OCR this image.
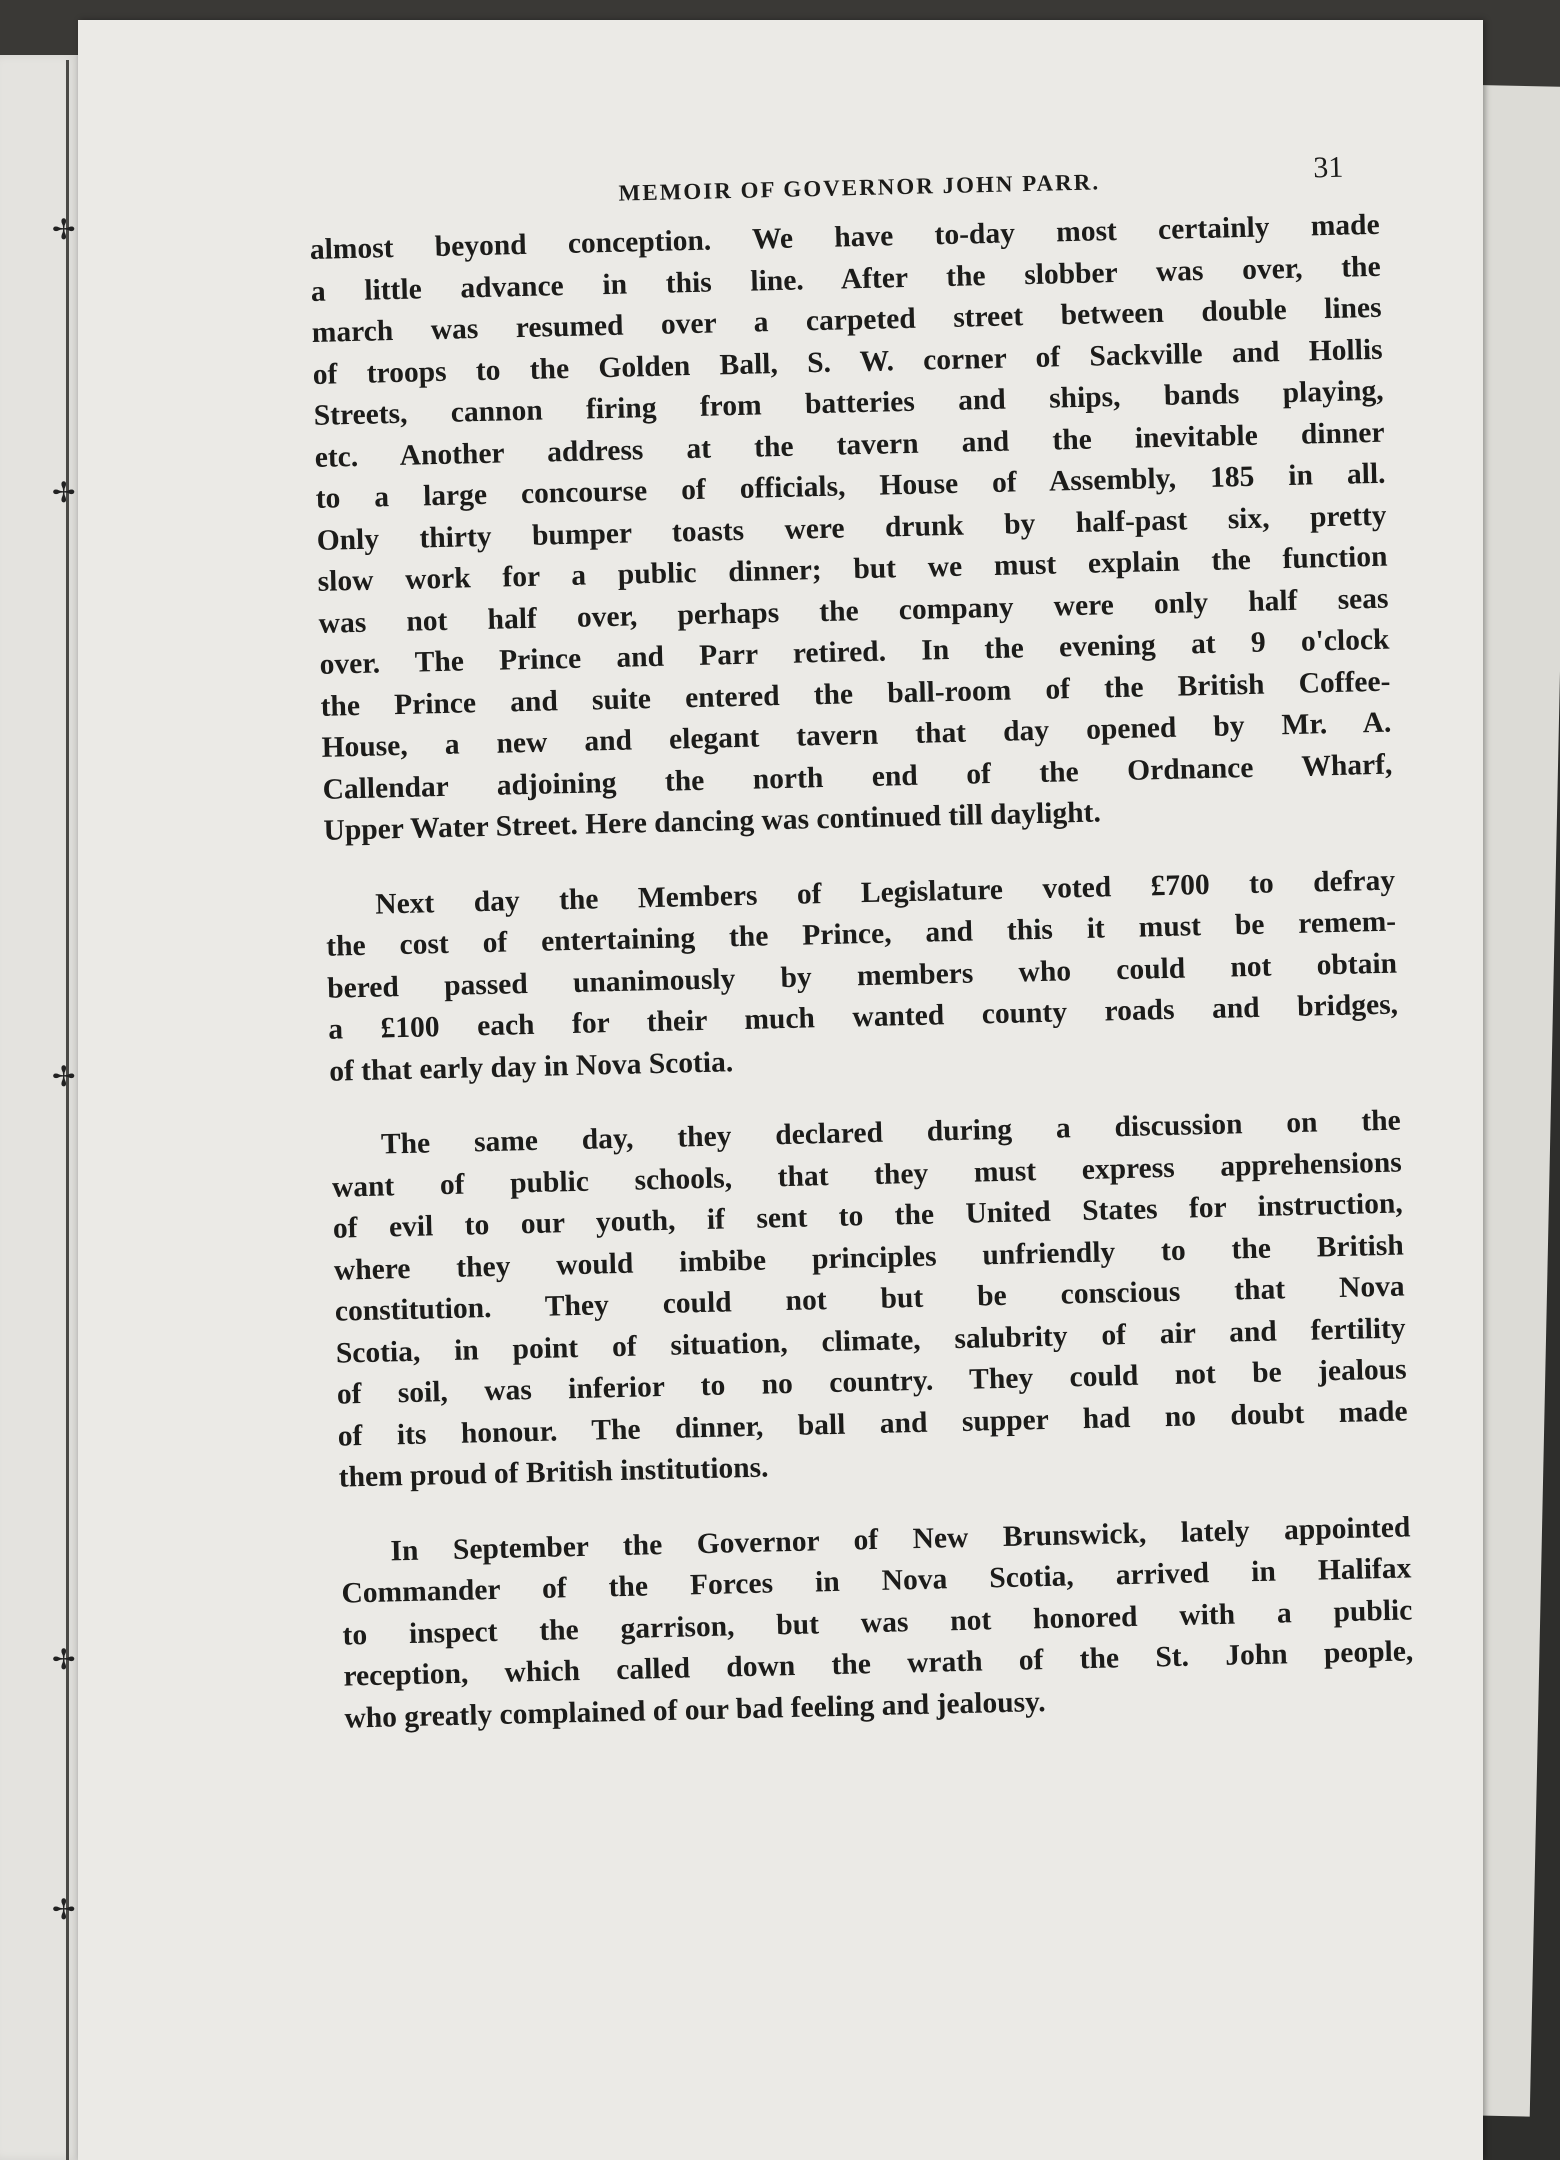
✢
✢
✢
✢
✢
MEMOIR OF GOVERNOR JOHN PARR.
31

almost beyond conception. We have to-day most certainly made
a little advance in this line. After the slobber was over, the
march was resumed over a carpeted street between double lines
of troops to the Golden Ball, S. W. corner of Sackville and Hollis
Streets, cannon firing from batteries and ships, bands playing,
etc. Another address at the tavern and the inevitable dinner
to a large concourse of officials, House of Assembly, 185 in all.
Only thirty bumper toasts were drunk by half-past six, pretty
slow work for a public dinner; but we must explain the function
was not half over, perhaps the company were only half seas
over. The Prince and Parr retired. In the evening at 9 o'clock
the Prince and suite entered the ball-room of the British Coffee-
House, a new and elegant tavern that day opened by Mr. A.
Callendar adjoining the north end of the Ordnance Wharf,
Upper Water Street. Here dancing was continued till daylight.

Next day the Members of Legislature voted £700 to defray
the cost of entertaining the Prince, and this it must be remem-
bered passed unanimously by members who could not obtain
a £100 each for their much wanted county roads and bridges,
of that early day in Nova Scotia.

The same day, they declared during a discussion on the
want of public schools, that they must express apprehensions
of evil to our youth, if sent to the United States for instruction,
where they would imbibe principles unfriendly to the British
constitution. They could not but be conscious that Nova
Scotia, in point of situation, climate, salubrity of air and fertility
of soil, was inferior to no country. They could not be jealous
of its honour. The dinner, ball and supper had no doubt made
them proud of British institutions.

In September the Governor of New Brunswick, lately appointed
Commander of the Forces in Nova Scotia, arrived in Halifax
to inspect the garrison, but was not honored with a public
reception, which called down the wrath of the St. John people,
who greatly complained of our bad feeling and jealousy.
